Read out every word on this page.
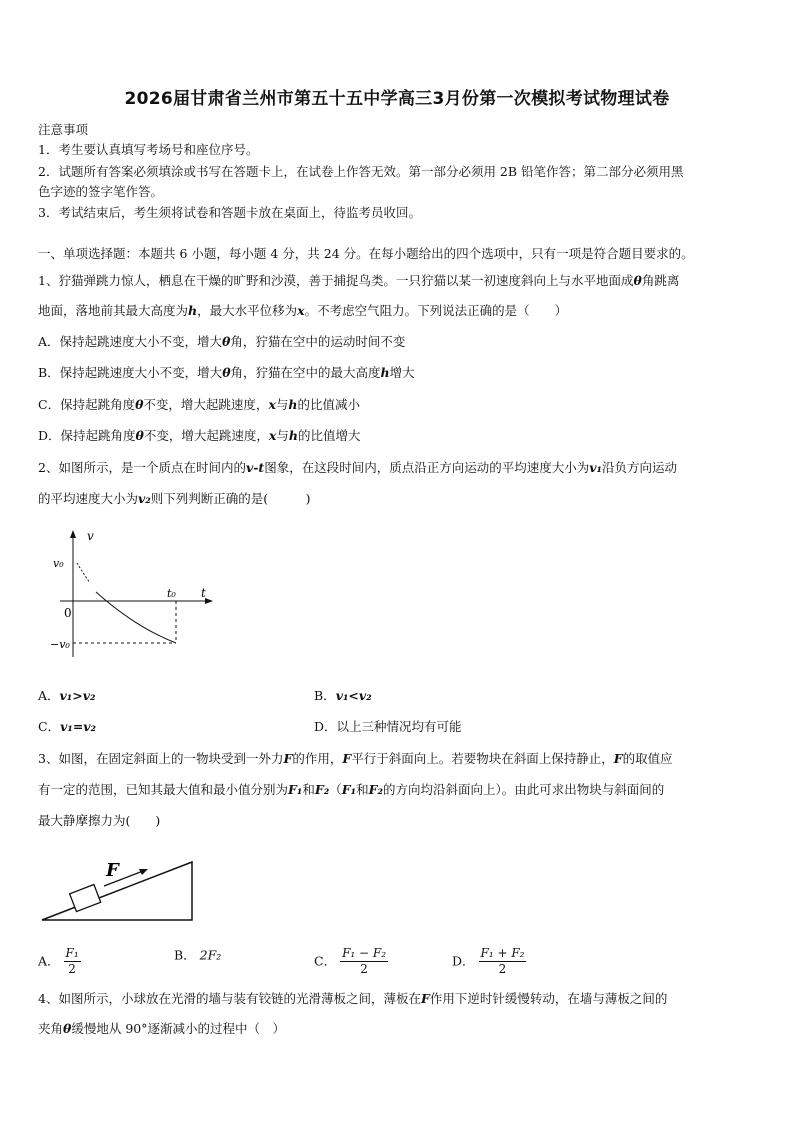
2026届甘肃省兰州市第五十五中学高三3月份第一次模拟考试物理试卷
注意事项
1．考生要认真填写考场号和座位序号。
2．试题所有答案必须填涂或书写在答题卡上，在试卷上作答无效。第一部分必须用 2B 铅笔作答；第二部分必须用黑
色字迹的签字笔作答。
3．考试结束后，考生须将试卷和答题卡放在桌面上，待监考员收回。
一、单项选择题：本题共 6 小题，每小题 4 分，共 24 分。在每小题给出的四个选项中，只有一项是符合题目要求的。
1、狞猫弹跳力惊人，栖息在干燥的旷野和沙漠，善于捕捉鸟类。一只狞猫以某一初速度斜向上与水平地面成θ角跳离
地面，落地前其最大高度为h，最大水平位移为x。不考虑空气阻力。下列说法正确的是（　　）
A．保持起跳速度大小不变，增大θ角，狞猫在空中的运动时间不变
B．保持起跳速度大小不变，增大θ角，狞猫在空中的最大高度h增大
C．保持起跳角度θ不变，增大起跳速度，x与h的比值减小
D．保持起跳角度θ不变，增大起跳速度，x与h的比值增大
2、如图所示，是一个质点在时间内的v-t图象，在这段时间内，质点沿正方向运动的平均速度大小为v₁沿负方向运动
的平均速度大小为v₂则下列判断正确的是(　　　)
v
t
v₀
0
−v₀
t₀
A．v₁>v₂	B．v₁<v₂
C．v₁=v₂	D．以上三种情况均有可能
3、如图，在固定斜面上的一物块受到一外力F的作用，F平行于斜面向上。若要物块在斜面上保持静止，F的取值应
有一定的范围，已知其最大值和最小值分别为F₁和F₂（F₁和F₂的方向均沿斜面向上）。由此可求出物块与斜面间的
最大静摩擦力为(　　)
F
A． $\frac{\text{F₁}}{2}$	B． 2F₂	C． $\frac{\text{F₁ − F₂}}{2}$	D． $\frac{\text{F₁ + F₂}}{2}$
4、如图所示，小球放在光滑的墙与装有铰链的光滑薄板之间，薄板在F作用下逆时针缓慢转动，在墙与薄板之间的
夹角θ缓慢地从 90°逐渐减小的过程中（　）
